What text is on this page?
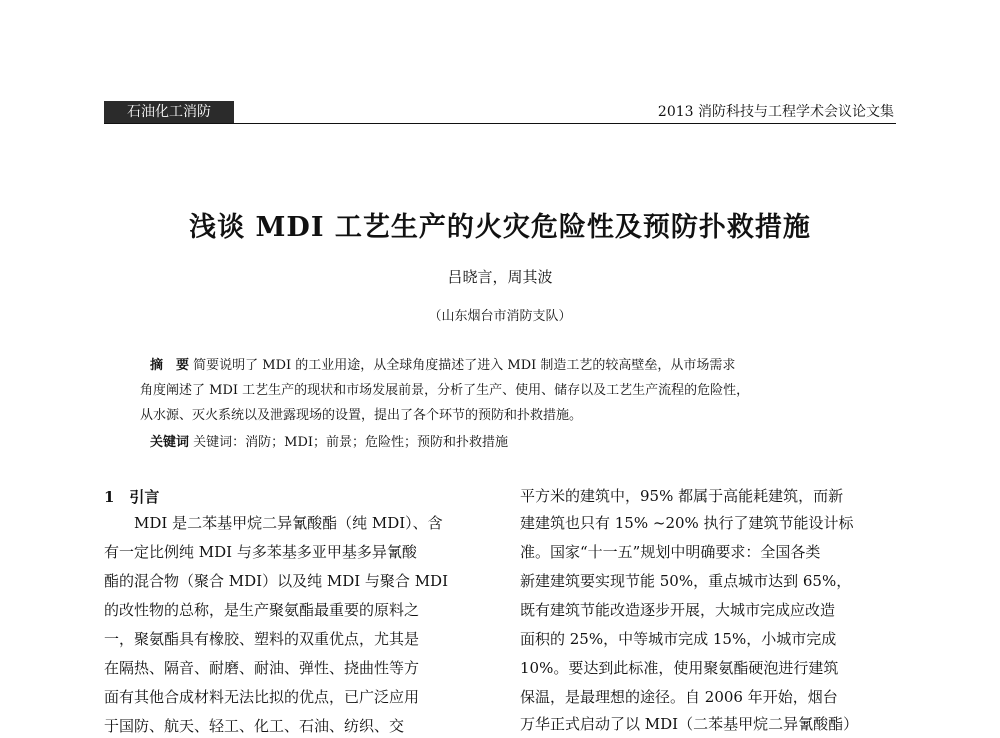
石油化工消防	2013 消防科技与工程学术会议论文集
浅谈 MDI 工艺生产的火灾危险性及预防扑救措施
吕晓言，周其波
（山东烟台市消防支队）
摘　要 简要说明了 MDI 的工业用途，从全球角度描述了进入 MDI 制造工艺的较高壁垒，从市场需求
角度阐述了 MDI 工艺生产的现状和市场发展前景，分析了生产、使用、储存以及工艺生产流程的危险性，
从水源、灭火系统以及泄露现场的设置，提出了各个环节的预防和扑救措施。
关键词 关键词：消防；MDI；前景；危险性；预防和扑救措施
1　引言
MDI 是二苯基甲烷二异氰酸酯（纯 MDI）、含
有一定比例纯 MDI 与多苯基多亚甲基多异氰酸
酯的混合物（聚合 MDI）以及纯 MDI 与聚合 MDI
的改性物的总称，是生产聚氨酯最重要的原料之
一，聚氨酯具有橡胶、塑料的双重优点，尤其是
在隔热、隔音、耐磨、耐油、弹性、挠曲性等方
面有其他合成材料无法比拟的优点，已广泛应用
于国防、航天、轻工、化工、石油、纺织、交
平方米的建筑中，95% 都属于高能耗建筑，而新
建建筑也只有 15% ~20% 执行了建筑节能设计标
准。国家“十一五”规划中明确要求：全国各类
新建建筑要实现节能 50%，重点城市达到 65%，
既有建筑节能改造逐步开展，大城市完成应改造
面积的 25%，中等城市完成 15%，小城市完成
10%。要达到此标准，使用聚氨酯硬泡进行建筑
保温，是最理想的途径。自 2006 年开始，烟台
万华正式启动了以 MDI（二苯基甲烷二异氰酸酯）
